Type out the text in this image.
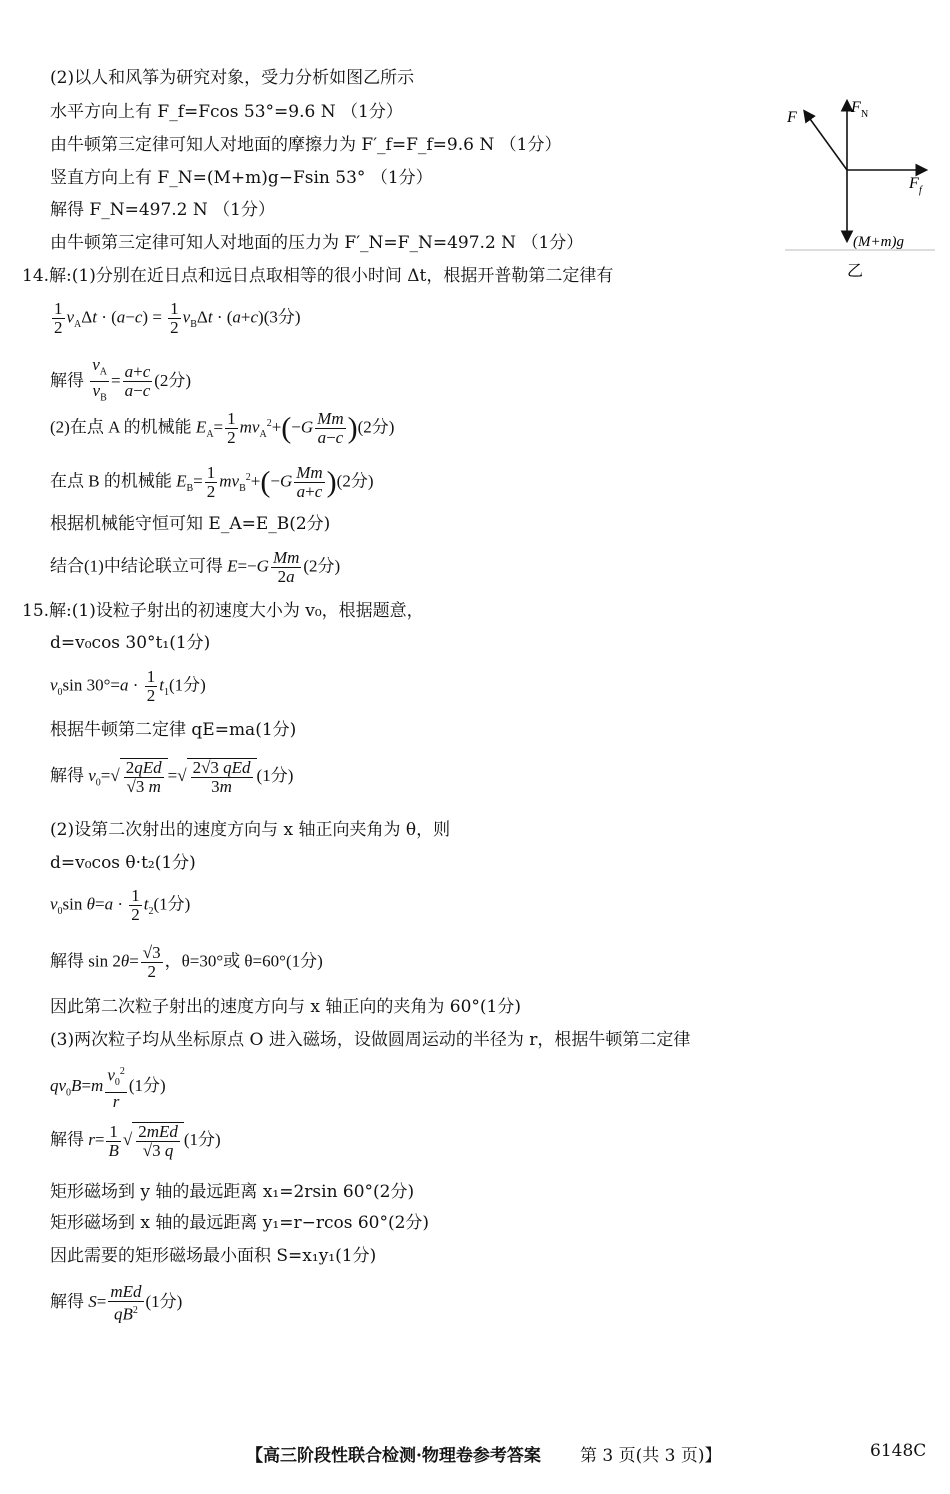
(2)以人和风筝为研究对象，受力分析如图乙所示
水平方向上有 F_f=Fcos 53°=9.6 N （1分）
由牛顿第三定律可知人对地面的摩擦力为 F′_f=F_f=9.6 N （1分）
竖直方向上有 F_N=(M+m)g−Fsin 53° （1分）
解得 F_N=497.2 N （1分）
由牛顿第三定律可知人对地面的压力为 F′_N=F_N=497.2 N （1分）
F
F N
F f
(M+m)g
乙
14.解:(1)分别在近日点和远日点取相等的很小时间 Δt，根据开普勒第二定律有
$\frac{1}{2} v_A\Delta t \cdot (a-c) = \frac{1}{2} v_B\Delta t \cdot (a+c)(3$分)
解得 $\frac{v_A}{v_B} = \frac{a+c}{a-c} (2$分)
(2)在点 A 的机械能 $E_A= \frac{1}{2} mv_A^2+(-G \frac{Mm}{a-c} )(2$分)
在点 B 的机械能 $E_B= \frac{1}{2} mv_B^2+(-G \frac{Mm}{a+c} )(2$分)
根据机械能守恒可知 E_A=E_B(2分)
结合(1)中结论联立可得 $E=-G \frac{Mm}{2a} (2$分)
15.解:(1)设粒子射出的初速度大小为 v₀，根据题意，
d=v₀cos 30°t₁(1分)
$v_0\sin$ $30^\circ=a \cdot \frac{1}{2} t_1(1$分)
根据牛顿第二定律 qE=ma(1分)
解得 $v_0=√ \frac{\text{2qEd}}{√3 m}$ =√ $\frac{\text{2√3 qEd}}{3m} (1$分)
(2)设第二次射出的速度方向与 x 轴正向夹角为 θ，则
d=v₀cos θ·t₂(1分)
$v_0\sin$ $\theta=a \cdot \frac{1}{2} t_2(1$分)
解得 $\sin 2\theta= \frac{√3}{2}$ ，θ=30°或 θ=60°(1分)
因此第二次粒子射出的速度方向与 x 轴正向的夹角为 60°(1分)
(3)两次粒子均从坐标原点 O 进入磁场，设做圆周运动的半径为 r，根据牛顿第二定律
$qv_0B=m \frac{v_0^2}{r} (1$分)
解得 $r= \frac{1}{B}$ √ $\frac{\text{2mEd}}{√3 q} (1$分)
矩形磁场到 y 轴的最远距离 x₁=2rsin 60°(2分)
矩形磁场到 x 轴的最远距离 y₁=r−rcos 60°(2分)
因此需要的矩形磁场最小面积 S=x₁y₁(1分)
解得 $S= \frac{\text{mEd}}{qB^2} (1$分)
【高三阶段性联合检测·物理卷参考答案 第 3 页(共 3 页)】	6148C
